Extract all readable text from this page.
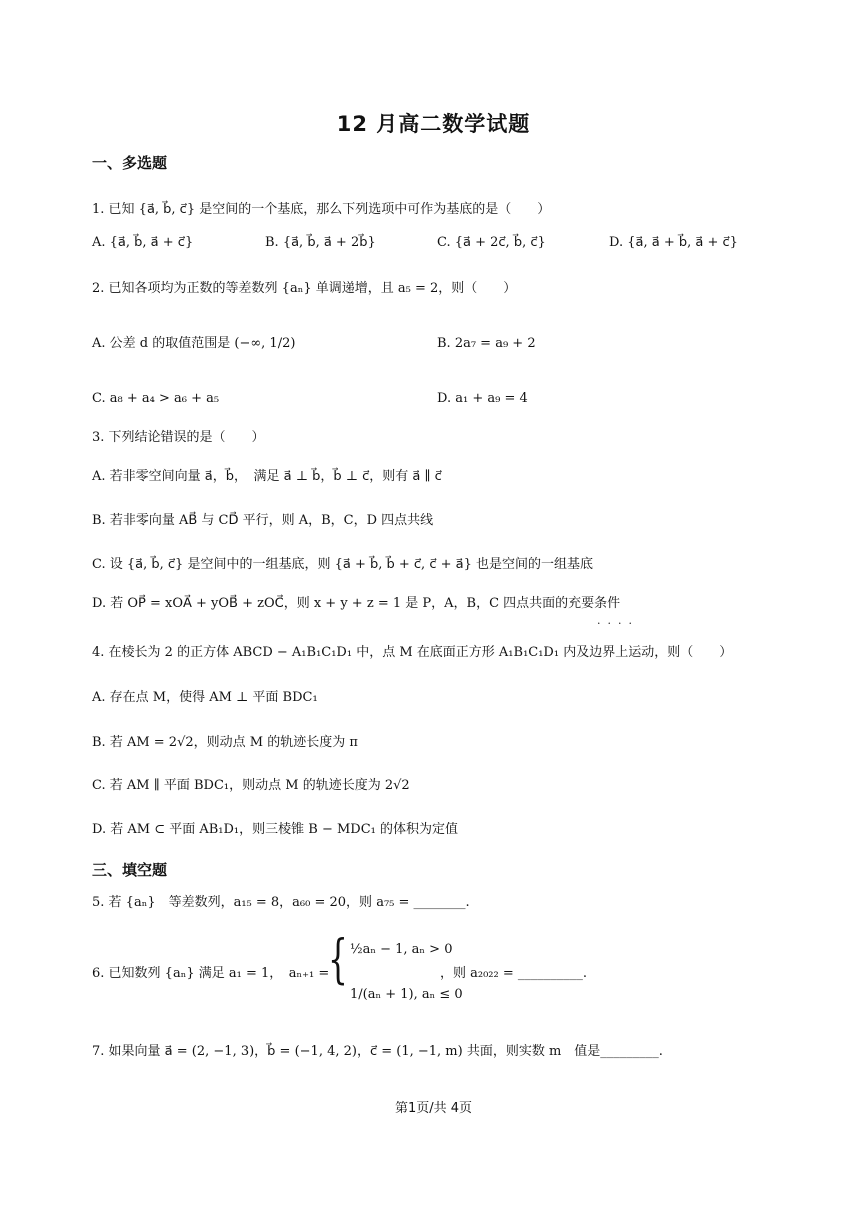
12 月高二数学试题
一、多选题
1. 已知 {a⃗, b⃗, c⃗} 是空间的一个基底，那么下列选项中可作为基底的是（　　）
A. {a⃗, b⃗, a⃗ + c⃗}	B. {a⃗, b⃗, a⃗ + 2b⃗}	C. {a⃗ + 2c⃗, b⃗, c⃗}	D. {a⃗, a⃗ + b⃗, a⃗ + c⃗}
2. 已知各项均为正数的等差数列 {aₙ} 单调递增，且 a₅ = 2，则（　　）
A. 公差 d 的取值范围是 (−∞, 1/2)	B. 2a₇ = a₉ + 2
C. a₈ + a₄ > a₆ + a₅	D. a₁ + a₉ = 4
3. 下列结论错误的是（　　）
A. 若非零空间向量 a⃗，b⃗，　满足 a⃗ ⊥ b⃗，b⃗ ⊥ c⃗，则有 a⃗ ∥ c⃗
B. 若非零向量 AB⃗ 与 CD⃗ 平行，则 A，B，C，D 四点共线
C. 设 {a⃗, b⃗, c⃗} 是空间中的一组基底，则 {a⃗ + b⃗, b⃗ + c⃗, c⃗ + a⃗} 也是空间的一组基底
D. 若 OP⃗ = xOA⃗ + yOB⃗ + zOC⃗，则 x + y + z = 1 是 P，A，B，C 四点共面的充要条件
····
4. 在棱长为 2 的正方体 ABCD − A₁B₁C₁D₁ 中，点 M 在底面正方形 A₁B₁C₁D₁ 内及边界上运动，则（　　）
A. 存在点 M，使得 AM ⊥ 平面 BDC₁
B. 若 AM = 2√2，则动点 M 的轨迹长度为 π
C. 若 AM ∥ 平面 BDC₁，则动点 M 的轨迹长度为 2√2
D. 若 AM ⊂ 平面 AB₁D₁，则三棱锥 B − MDC₁ 的体积为定值
三、填空题
5. 若 {aₙ}　等差数列，a₁₅ = 8，a₆₀ = 20，则 a₇₅ = ________.
6. 已知数列 {aₙ} 满足 a₁ = 1，　aₙ₊₁ =
{ ½aₙ − 1, aₙ > 0
1/(aₙ + 1), aₙ ≤ 0
，则 a₂₀₂₂ = __________.
7. 如果向量 a⃗ = (2, −1, 3)，b⃗ = (−1, 4, 2)，c⃗ = (1, −1, m) 共面，则实数 m　值是_________.
第1页/共 4页
